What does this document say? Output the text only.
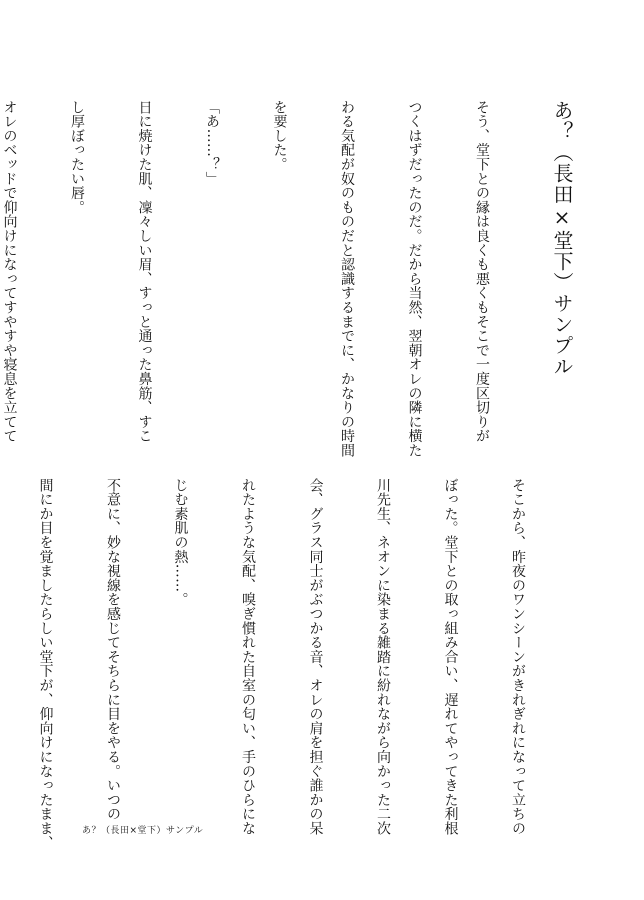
あ？（長田×堂下）サンプル

そう、堂下との縁は良くも悪くもそこで一度区切りが

つくはずだったのだ。だから当然、翌朝オレの隣に横た

わる気配が奴のものだと認識するまでに、かなりの時間

を要した。

「あ……？」

日に焼けた肌、凜々しい眉、すっと通った鼻筋、すこ

し厚ぼったい唇。

オレのベッドで仰向けになってすやすや寝息を立てて

そこから、昨夜のワンシーンがきれぎれになって立ちの

ぼった。堂下との取っ組み合い、遅れてやってきた利根

川先生、ネオンに染まる雑踏に紛れながら向かった二次

会、グラス同士がぶつかる音、オレの肩を担ぐ誰かの呆

れたような気配、嗅ぎ慣れた自室の匂い、手のひらにな

じむ素肌の熱……。

不意に、妙な視線を感じてそちらに目をやる。いつの

間にか目を覚ましたらしい堂下が、仰向けになったまま、

	あ？（長田×堂下）サンプル
